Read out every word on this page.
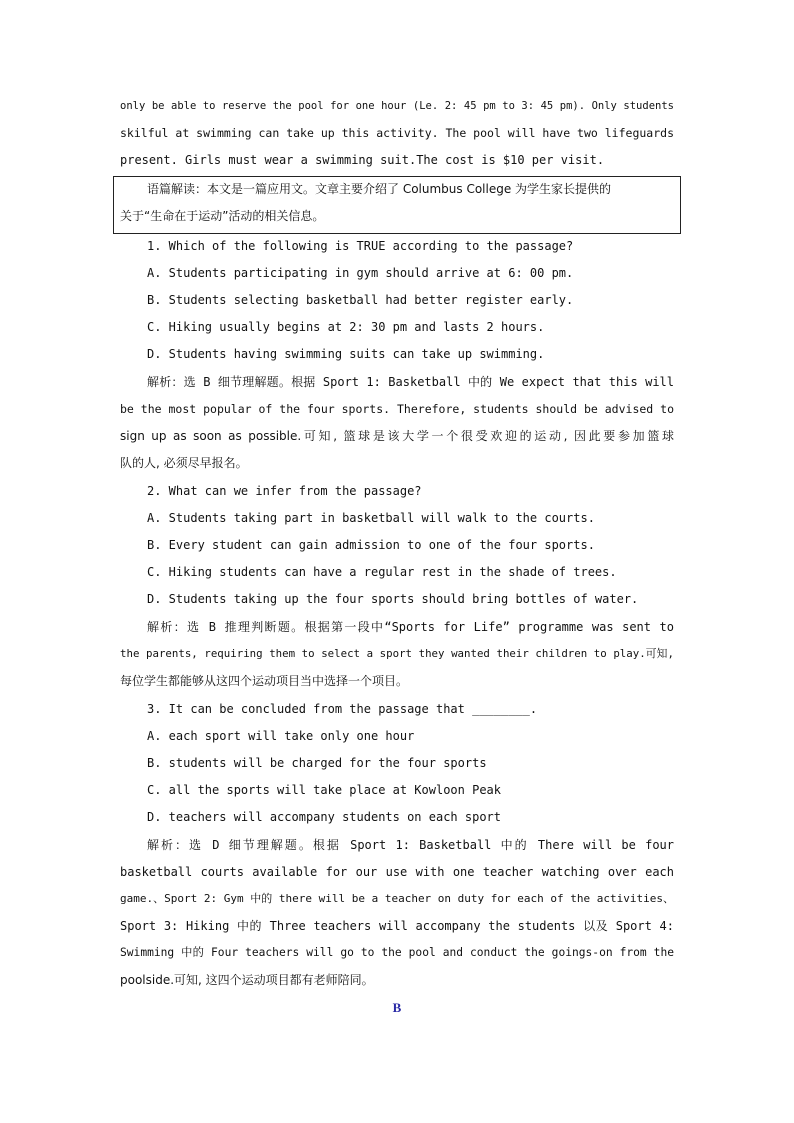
only be able to reserve the pool for one hour (Le. 2: 45 pm to 3: 45 pm). Only students
skilful at swimming can take up this activity. The pool will have two lifeguards
present. Girls must wear a swimming suit.The cost is $10 per visit.
语篇解读：本文是一篇应用文。文章主要介绍了 Columbus College 为学生家长提供的
关于“生命在于运动”活动的相关信息。
1. Which of the following is TRUE according to the passage?
A. Students participating in gym should arrive at 6: 00 pm.
B. Students selecting basketball had better register early.
C. Hiking usually begins at 2: 30 pm and lasts 2 hours.
D. Students having swimming suits can take up swimming.
解析：选 B 细节理解题。根据 Sport 1: Basketball 中的 We expect that this will
be the most popular of the four sports. Therefore, students should be advised to
sign up as soon as possible.可知, 篮球是该大学一个很受欢迎的运动, 因此要参加篮球
队的人, 必须尽早报名。
2. What can we infer from the passage?
A. Students taking part in basketball will walk to the courts.
B. Every student can gain admission to one of the four sports.
C. Hiking students can have a regular rest in the shade of trees.
D. Students taking up the four sports should bring bottles of water.
解析：选 B 推理判断题。根据第一段中“Sports for Life” programme was sent to
the parents, requiring them to select a sport they wanted their children to play.可知,
每位学生都能够从这四个运动项目当中选择一个项目。
3. It can be concluded from the passage that ________.
A. each sport will take only one hour
B. students will be charged for the four sports
C. all the sports will take place at Kowloon Peak
D. teachers will accompany students on each sport
解析：选 D 细节理解题。根据 Sport 1: Basketball 中的 There will be four
basketball courts available for our use with one teacher watching over each
game.、Sport 2: Gym 中的 there will be a teacher on duty for each of the activities、
Sport 3: Hiking 中的 Three teachers will accompany the students 以及 Sport 4:
Swimming 中的 Four teachers will go to the pool and conduct the goings-on from the
poolside.可知, 这四个运动项目都有老师陪同。
B
